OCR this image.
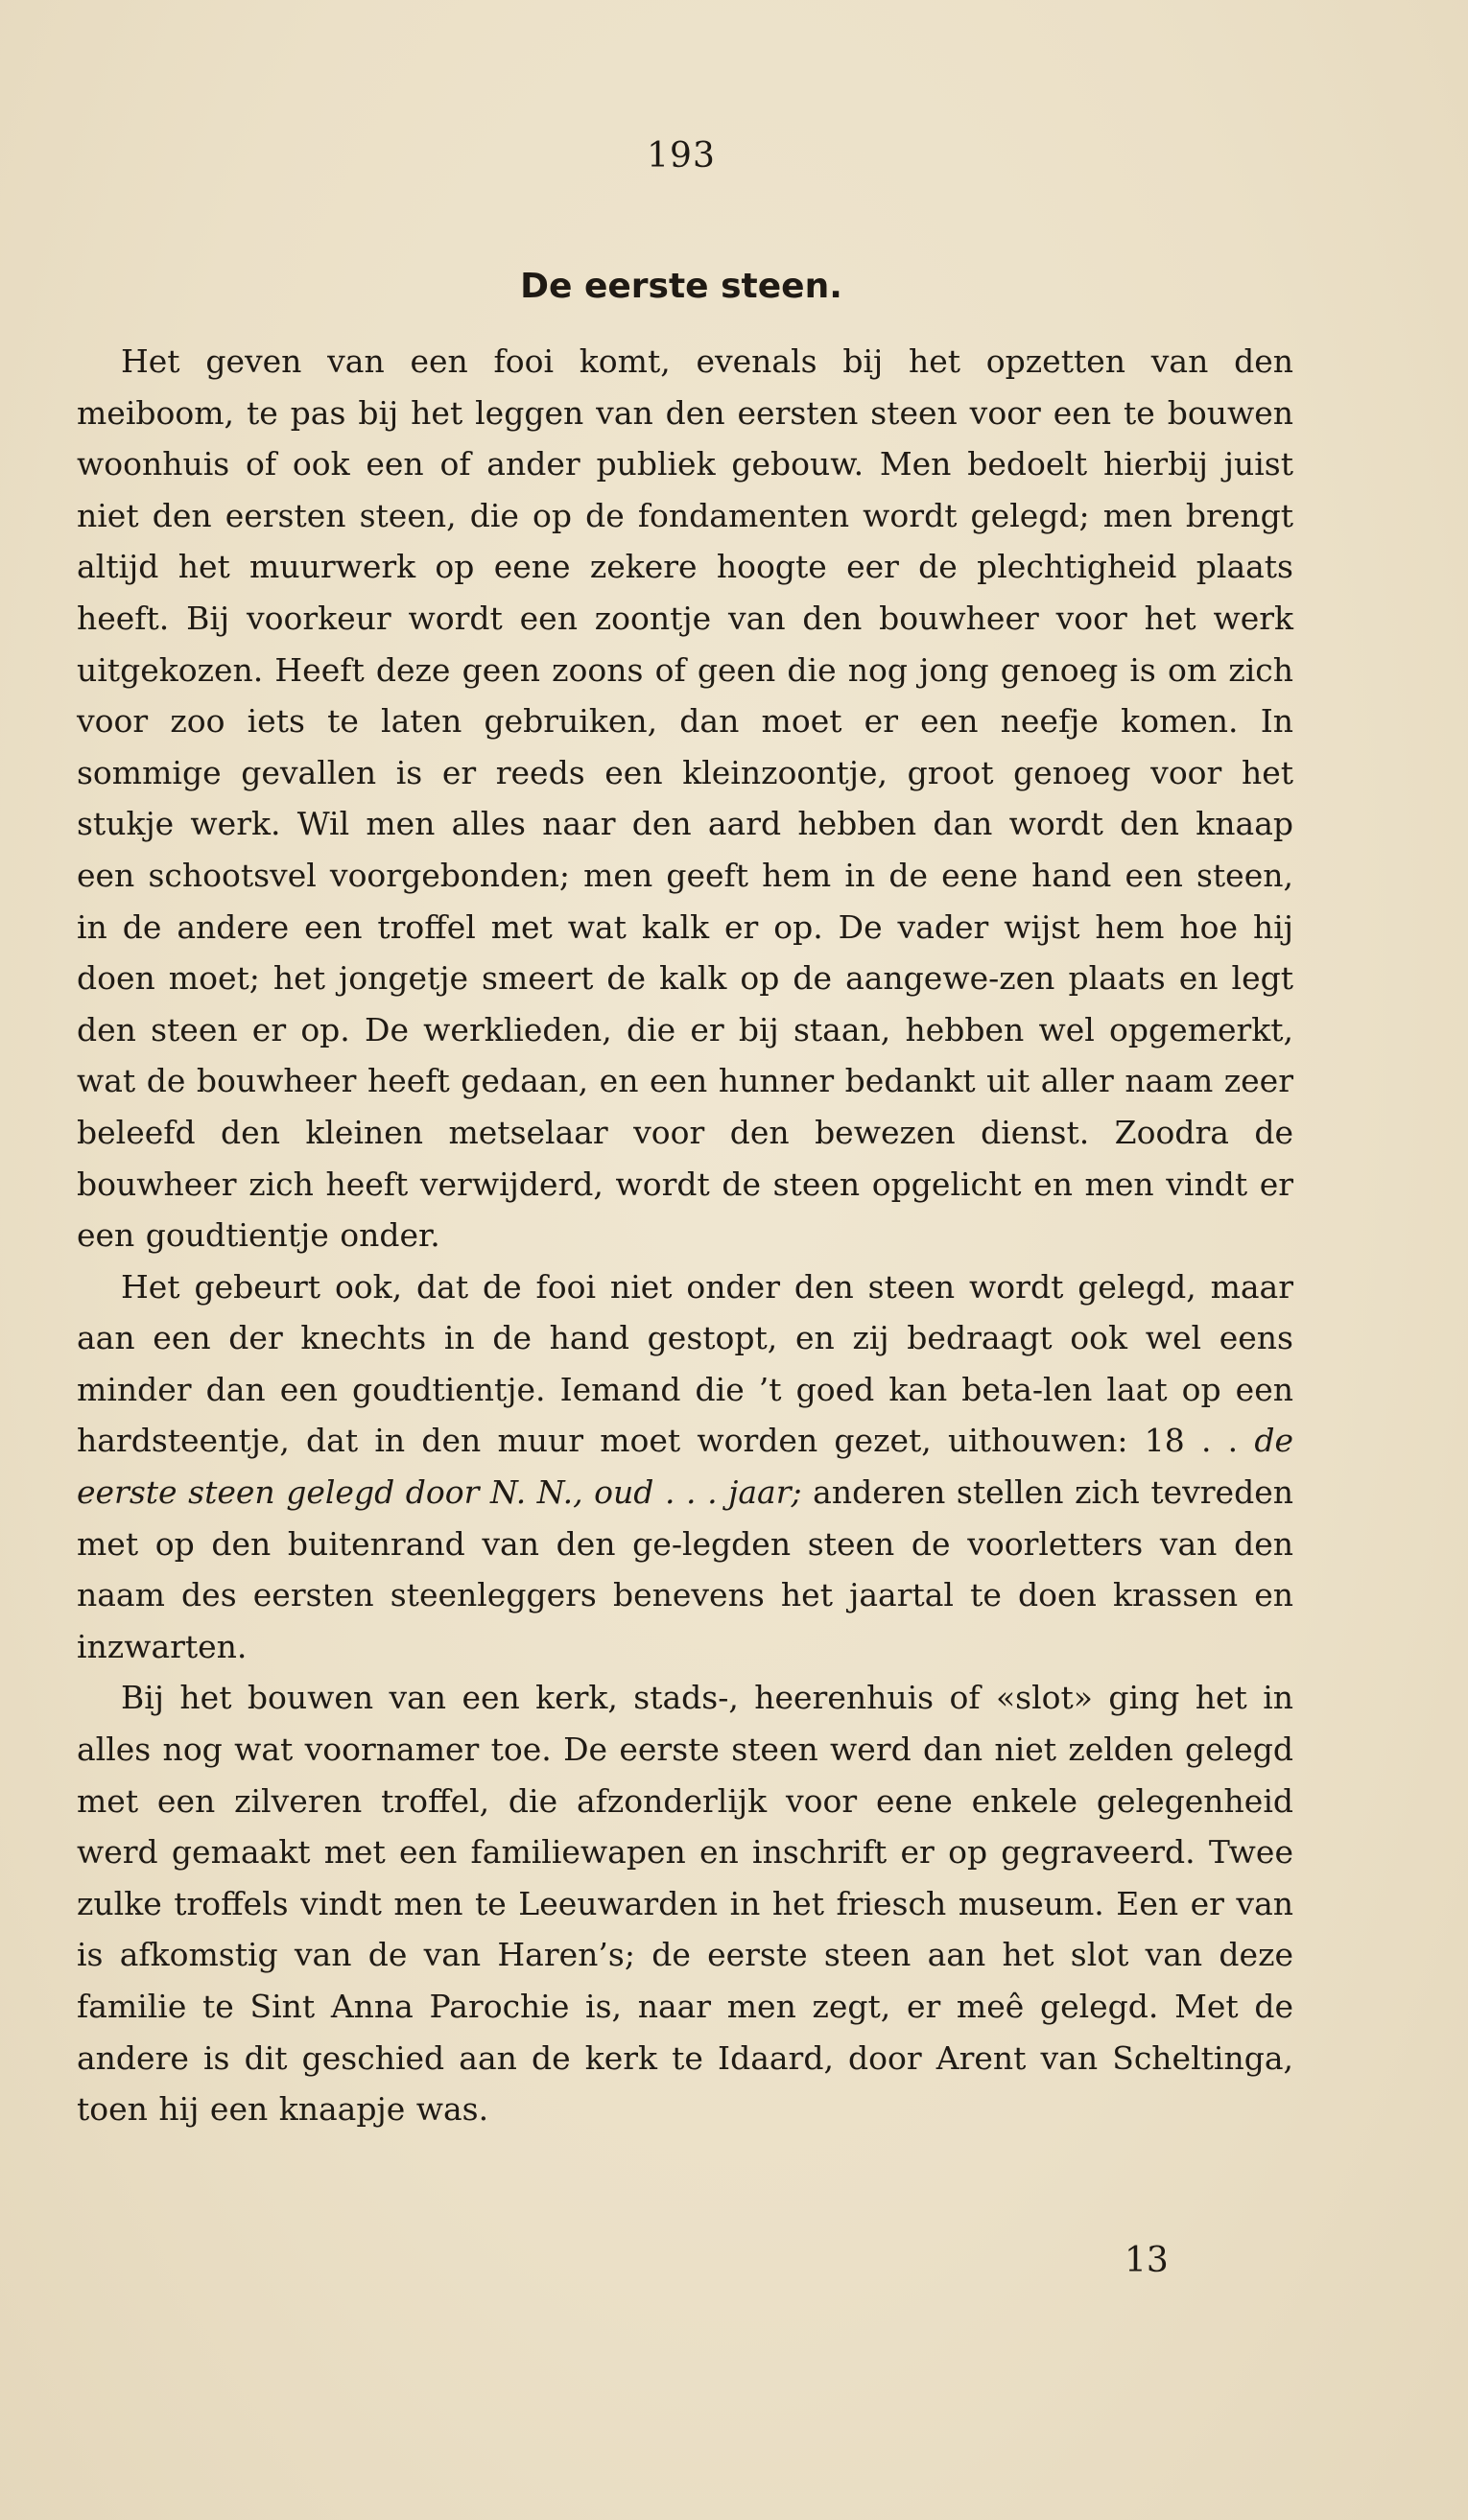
193
De eerste steen.

Het geven van een fooi komt, evenals bij het opzetten van den meiboom, te pas bij het leggen van den eersten steen voor een te bouwen woonhuis of ook een of ander publiek gebouw. Men bedoelt hierbij juist niet den eersten steen, die op de fondamenten wordt gelegd; men brengt altijd het muurwerk op eene zekere hoogte eer de plechtigheid plaats heeft. Bij voorkeur wordt een zoontje van den bouwheer voor het werk uitgekozen. Heeft deze geen zoons of geen die nog jong genoeg is om zich voor zoo iets te laten gebruiken, dan moet er een neefje komen. In sommige gevallen is er reeds een kleinzoontje, groot genoeg voor het stukje werk. Wil men alles naar den aard hebben dan wordt den knaap een schootsvel voorgebonden; men geeft hem in de eene hand een steen, in de andere een troffel met wat kalk er op. De vader wijst hem hoe hij doen moet; het jongetje smeert de kalk op de aangewe-zen plaats en legt den steen er op. De werklieden, die er bij staan, hebben wel opgemerkt, wat de bouwheer heeft gedaan, en een hunner bedankt uit aller naam zeer beleefd den kleinen metselaar voor den bewezen dienst. Zoodra de bouwheer zich heeft verwijderd, wordt de steen opgelicht en men vindt er een goudtientje onder.

Het gebeurt ook, dat de fooi niet onder den steen wordt gelegd, maar aan een der knechts in de hand gestopt, en zij bedraagt ook wel eens minder dan een goudtientje. Iemand die ’t goed kan beta-len laat op een hardsteentje, dat in den muur moet worden gezet, uithouwen: 18 . . de eerste steen gelegd door N. N., oud . . . jaar; anderen stellen zich tevreden met op den buitenrand van den ge-legden steen de voorletters van den naam des eersten steenleggers benevens het jaartal te doen krassen en inzwarten.

Bij het bouwen van een kerk, stads-, heerenhuis of «slot» ging het in alles nog wat voornamer toe. De eerste steen werd dan niet zelden gelegd met een zilveren troffel, die afzonderlijk voor eene enkele gelegenheid werd gemaakt met een familiewapen en inschrift er op gegraveerd. Twee zulke troffels vindt men te Leeuwarden in het friesch museum. Een er van is afkomstig van de van Haren’s; de eerste steen aan het slot van deze familie te Sint Anna Parochie is, naar men zegt, er meê gelegd. Met de andere is dit geschied aan de kerk te Idaard, door Arent van Scheltinga, toen hij een knaapje was.

13
